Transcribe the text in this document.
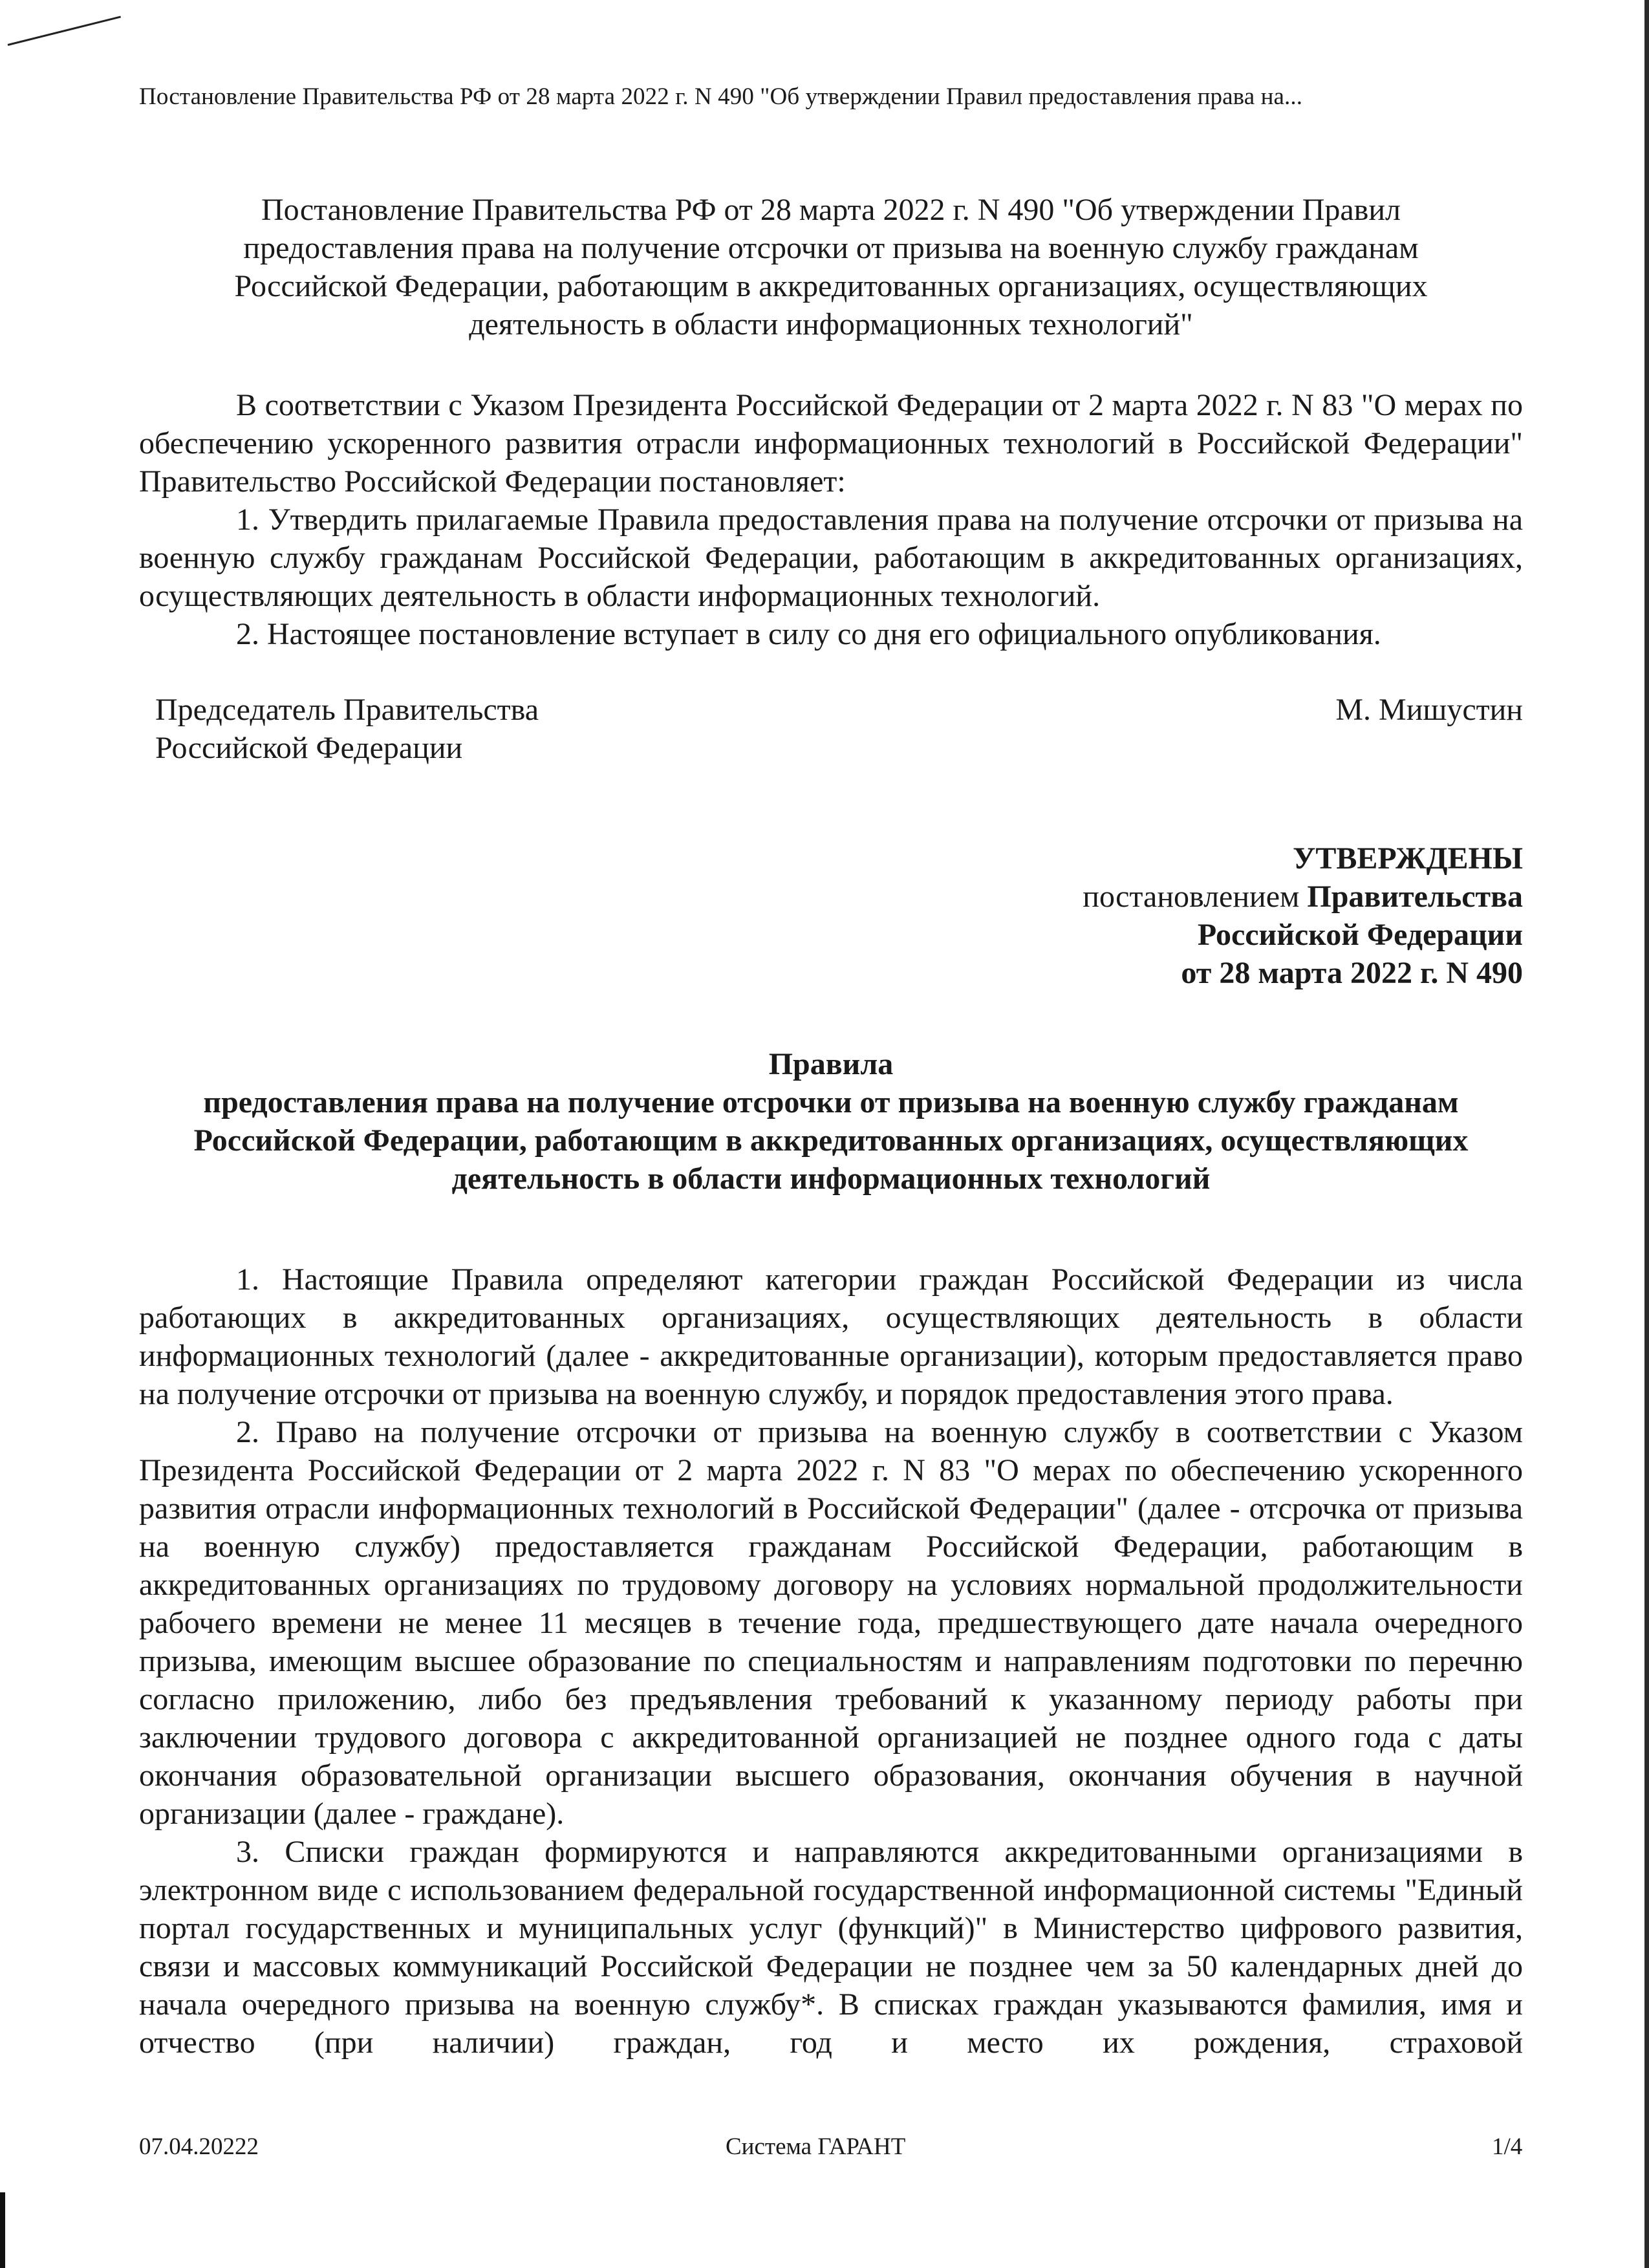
Постановление Правительства РФ от 28 марта 2022 г. N 490 "Об утверждении Правил предоставления права на...
Постановление Правительства РФ от 28 марта 2022 г. N 490 "Об утверждении Правил
предоставления права на получение отсрочки от призыва на военную службу гражданам
Российской Федерации, работающим в аккредитованных организациях, осуществляющих
деятельность в области информационных технологий"

В соответствии с Указом Президента Российской Федерации от 2 марта 2022 г. N 83 "О мерах по обеспечению ускоренного развития отрасли информационных технологий в Российской Федерации" Правительство Российской Федерации постановляет:

1. Утвердить прилагаемые Правила предоставления права на получение отсрочки от призыва на военную службу гражданам Российской Федерации, работающим в аккредитованных организациях, осуществляющих деятельность в области информационных технологий.

2. Настоящее постановление вступает в силу со дня его официального опубликования.

Председатель Правительства
Российской Федерации
М. Мишустин
УТВЕРЖДЕНЫ
постановлением Правительства
Российской Федерации
от 28 марта 2022 г. N 490
Правила
предоставления права на получение отсрочки от призыва на военную службу гражданам
Российской Федерации, работающим в аккредитованных организациях, осуществляющих
деятельность в области информационных технологий

1. Настоящие Правила определяют категории граждан Российской Федерации из числа работающих в аккредитованных организациях, осуществляющих деятельность в области информационных технологий (далее - аккредитованные организации), которым предоставляется право на получение отсрочки от призыва на военную службу, и порядок предоставления этого права.

2. Право на получение отсрочки от призыва на военную службу в соответствии с Указом Президента Российской Федерации от 2 марта 2022 г. N 83 "О мерах по обеспечению ускоренного развития отрасли информационных технологий в Российской Федерации" (далее - отсрочка от призыва на военную службу) предоставляется гражданам Российской Федерации, работающим в аккредитованных организациях по трудовому договору на условиях нормальной продолжительности рабочего времени не менее 11 месяцев в течение года, предшествующего дате начала очередного призыва, имеющим высшее образование по специальностям и направлениям подготовки по перечню согласно приложению, либо без предъявления требований к указанному периоду работы при заключении трудового договора с аккредитованной организацией не позднее одного года с даты окончания образовательной организации высшего образования, окончания обучения в научной организации (далее - граждане).

3. Списки граждан формируются и направляются аккредитованными организациями в электронном виде с использованием федеральной государственной информационной системы "Единый портал государственных и муниципальных услуг (функций)" в Министерство цифрового развития, связи и массовых коммуникаций Российской Федерации не позднее чем за 50 календарных дней до начала очередного призыва на военную службу*. В списках граждан указываются фамилия, имя и отчество (при наличии) граждан, год и место их рождения, страховой

07.04.20222	Система ГАРАНТ	1/4
